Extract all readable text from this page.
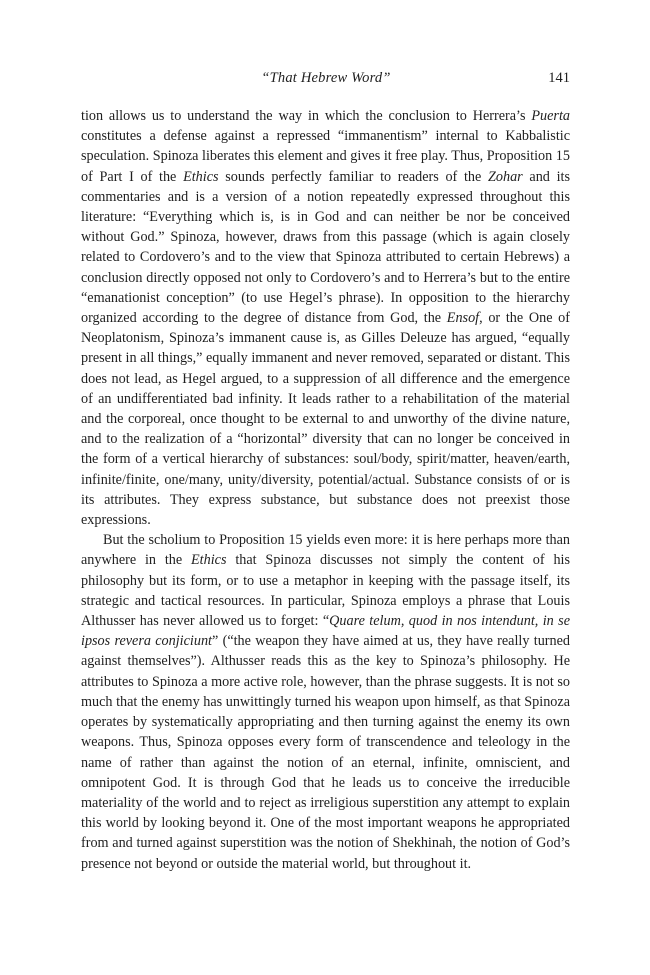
“That Hebrew Word”	141

tion allows us to understand the way in which the conclusion to Herrera’s Puerta constitutes a defense against a repressed “immanentism” internal to Kabbalistic speculation. Spinoza liberates this element and gives it free play. Thus, Proposition 15 of Part I of the Ethics sounds perfectly familiar to readers of the Zohar and its commentaries and is a version of a notion repeatedly expressed throughout this literature: “Everything which is, is in God and can neither be nor be conceived without God.” Spinoza, however, draws from this passage (which is again closely related to Cordovero’s and to the view that Spinoza attributed to certain Hebrews) a conclusion directly opposed not only to Cordovero’s and to Herrera’s but to the entire “emanationist conception” (to use Hegel’s phrase). In opposition to the hierarchy organized according to the degree of distance from God, the Ensof, or the One of Neoplatonism, Spinoza’s immanent cause is, as Gilles Deleuze has argued, “equally present in all things,” equally immanent and never removed, separated or distant. This does not lead, as Hegel argued, to a suppression of all difference and the emergence of an undifferentiated bad infinity. It leads rather to a rehabilitation of the material and the corporeal, once thought to be external to and unworthy of the divine nature, and to the realization of a “horizontal” diversity that can no longer be conceived in the form of a vertical hierarchy of substances: soul/body, spirit/matter, heaven/earth, infinite/finite, one/many, unity/diversity, potential/actual. Substance consists of or is its attributes. They express substance, but substance does not preexist those expressions.

But the scholium to Proposition 15 yields even more: it is here perhaps more than anywhere in the Ethics that Spinoza discusses not simply the content of his philosophy but its form, or to use a metaphor in keeping with the passage itself, its strategic and tactical resources. In particular, Spinoza employs a phrase that Louis Althusser has never allowed us to forget: “Quare telum, quod in nos intendunt, in se ipsos revera conjiciunt” (“the weapon they have aimed at us, they have really turned against themselves”). Althusser reads this as the key to Spinoza’s philosophy. He attributes to Spinoza a more active role, however, than the phrase suggests. It is not so much that the enemy has unwittingly turned his weapon upon himself, as that Spinoza operates by systematically appropriating and then turning against the enemy its own weapons. Thus, Spinoza opposes every form of transcendence and teleology in the name of rather than against the notion of an eternal, infinite, omniscient, and omnipotent God. It is through God that he leads us to conceive the irreducible materiality of the world and to reject as irreligious superstition any attempt to explain this world by looking beyond it. One of the most important weapons he appropriated from and turned against superstition was the notion of Shekhinah, the notion of God’s presence not beyond or outside the material world, but throughout it.
